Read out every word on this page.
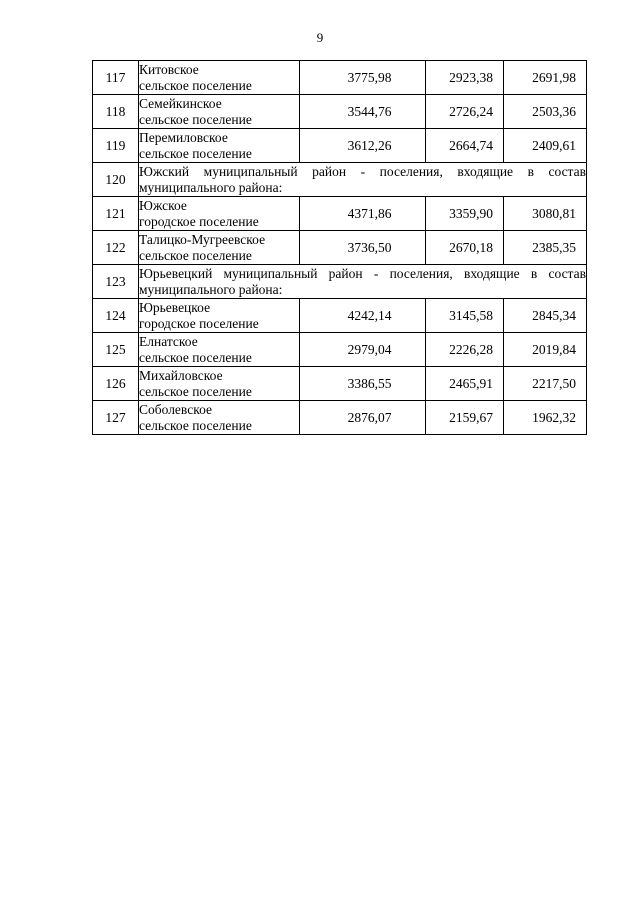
9
117	Китовское
сельское поселение	3775,98	2923,38	2691,98
118	Семейкинское
сельское поселение	3544,76	2726,24	2503,36
119	Перемиловское
сельское поселение	3612,26	2664,74	2409,61
120	Южский муниципальный район - поселения, входящие в состав муниципального района:			
121	Южское
городское поселение	4371,86	3359,90	3080,81
122	Талицко-Мугреевское
сельское поселение	3736,50	2670,18	2385,35
123	Юрьевецкий муниципальный район - поселения, входящие в состав муниципального района:			
124	Юрьевецкое
городское поселение	4242,14	3145,58	2845,34
125	Елнатское
сельское поселение	2979,04	2226,28	2019,84
126	Михайловское
сельское поселение	3386,55	2465,91	2217,50
127	Соболевское
сельское поселение	2876,07	2159,67	1962,32
